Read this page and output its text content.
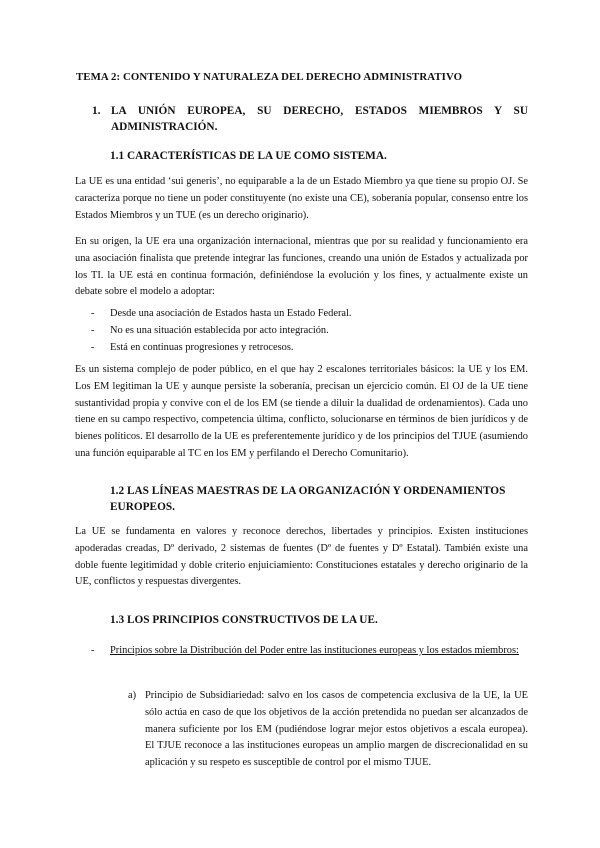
TEMA 2: CONTENIDO Y NATURALEZA DEL DERECHO ADMINISTRATIVO

1. LA UNIÓN EUROPEA, SU DERECHO, ESTADOS MIEMBROS Y SU ADMINISTRACIÓN.

1.1 CARACTERÍSTICAS DE LA UE COMO SISTEMA.

La UE es una entidad ‘sui generis’, no equiparable a la de un Estado Miembro ya que tiene su propio OJ. Se caracteriza porque no tiene un poder constituyente (no existe una CE), soberanía popular, consenso entre los Estados Miembros y un TUE (es un derecho originario).

En su origen, la UE era una organización internacional, mientras que por su realidad y funcionamiento era una asociación finalista que pretende integrar las funciones, creando una unión de Estados y actualizada por los TI. la UE está en continua formación, definiéndose la evolución y los fines, y actualmente existe un debate sobre el modelo a adoptar:

-	Desde una asociación de Estados hasta un Estado Federal.
-	No es una situación establecida por acto integración.
-	Está en continuas progresiones y retrocesos.

Es un sistema complejo de poder público, en el que hay 2 escalones territoriales básicos: la UE y los EM. Los EM legitiman la UE y aunque persiste la soberanía, precisan un ejercicio común. El OJ de la UE tiene sustantividad propia y convive con el de los EM (se tiende a diluir la dualidad de ordenamientos). Cada uno tiene en su campo respectivo, competencia última, conflicto, solucionarse en términos de bien jurídicos y de bienes políticos. El desarrollo de la UE es preferentemente jurídico y de los principios del TJUE (asumiendo una función equiparable al TC en los EM y perfilando el Derecho Comunitario).

1.2 LAS LÍNEAS MAESTRAS DE LA ORGANIZACIÓN Y ORDENAMIENTOS EUROPEOS.

La UE se fundamenta en valores y reconoce derechos, libertades y principios. Existen instituciones apoderadas creadas, Dº derivado, 2 sistemas de fuentes (Dº de fuentes y Dº Estatal). También existe una doble fuente legitimidad y doble criterio enjuiciamiento: Constituciones estatales y derecho originario de la UE, conflictos y respuestas divergentes.

1.3 LOS PRINCIPIOS CONSTRUCTIVOS DE LA UE.

-	Principios sobre la Distribución del Poder entre las instituciones europeas y los estados miembros:
a) Principio de Subsidiariedad: salvo en los casos de competencia exclusiva de la UE, la UE sólo actúa en caso de que los objetivos de la acción pretendida no puedan ser alcanzados de manera suficiente por los EM (pudiéndose lograr mejor estos objetivos a escala europea). El TJUE reconoce a las instituciones europeas un amplio margen de discrecionalidad en su aplicación y su respeto es susceptible de control por el mismo TJUE.
